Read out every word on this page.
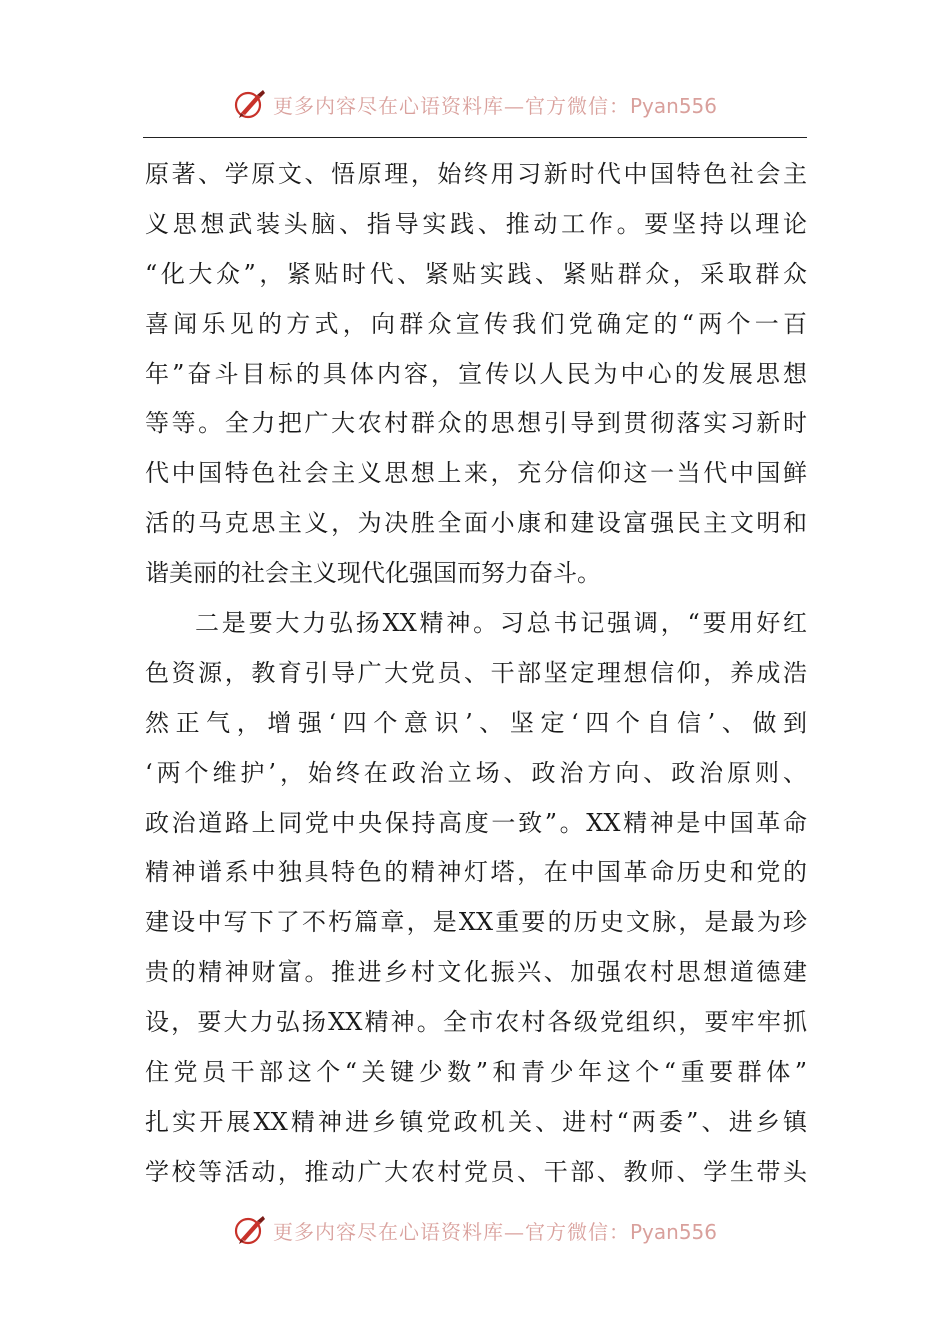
更多内容尽在心语资料库—官方微信：Pyan556
原著、学原文、悟原理，始终用习新时代中国特色社会主
义思想武装头脑、指导实践、推动工作。要坚持以理论
“化大众”，紧贴时代、紧贴实践、紧贴群众，采取群众
喜闻乐见的方式，向群众宣传我们党确定的“两个一百
年”奋斗目标的具体内容，宣传以人民为中心的发展思想
等等。全力把广大农村群众的思想引导到贯彻落实习新时
代中国特色社会主义思想上来，充分信仰这一当代中国鲜
活的马克思主义，为决胜全面小康和建设富强民主文明和
谐美丽的社会主义现代化强国而努力奋斗。
二是要大力弘扬XX精神。习总书记强调，“要用好红
色资源，教育引导广大党员、干部坚定理想信仰，养成浩
然正气，增强‘四个意识’、坚定‘四个自信’、做到
‘两个维护’，始终在政治立场、政治方向、政治原则、
政治道路上同党中央保持高度一致”。XX精神是中国革命
精神谱系中独具特色的精神灯塔，在中国革命历史和党的
建设中写下了不朽篇章，是XX重要的历史文脉，是最为珍
贵的精神财富。推进乡村文化振兴、加强农村思想道德建
设，要大力弘扬XX精神。全市农村各级党组织，要牢牢抓
住党员干部这个“关键少数”和青少年这个“重要群体”
扎实开展XX精神进乡镇党政机关、进村“两委”、进乡镇
学校等活动，推动广大农村党员、干部、教师、学生带头
更多内容尽在心语资料库—官方微信：Pyan556
